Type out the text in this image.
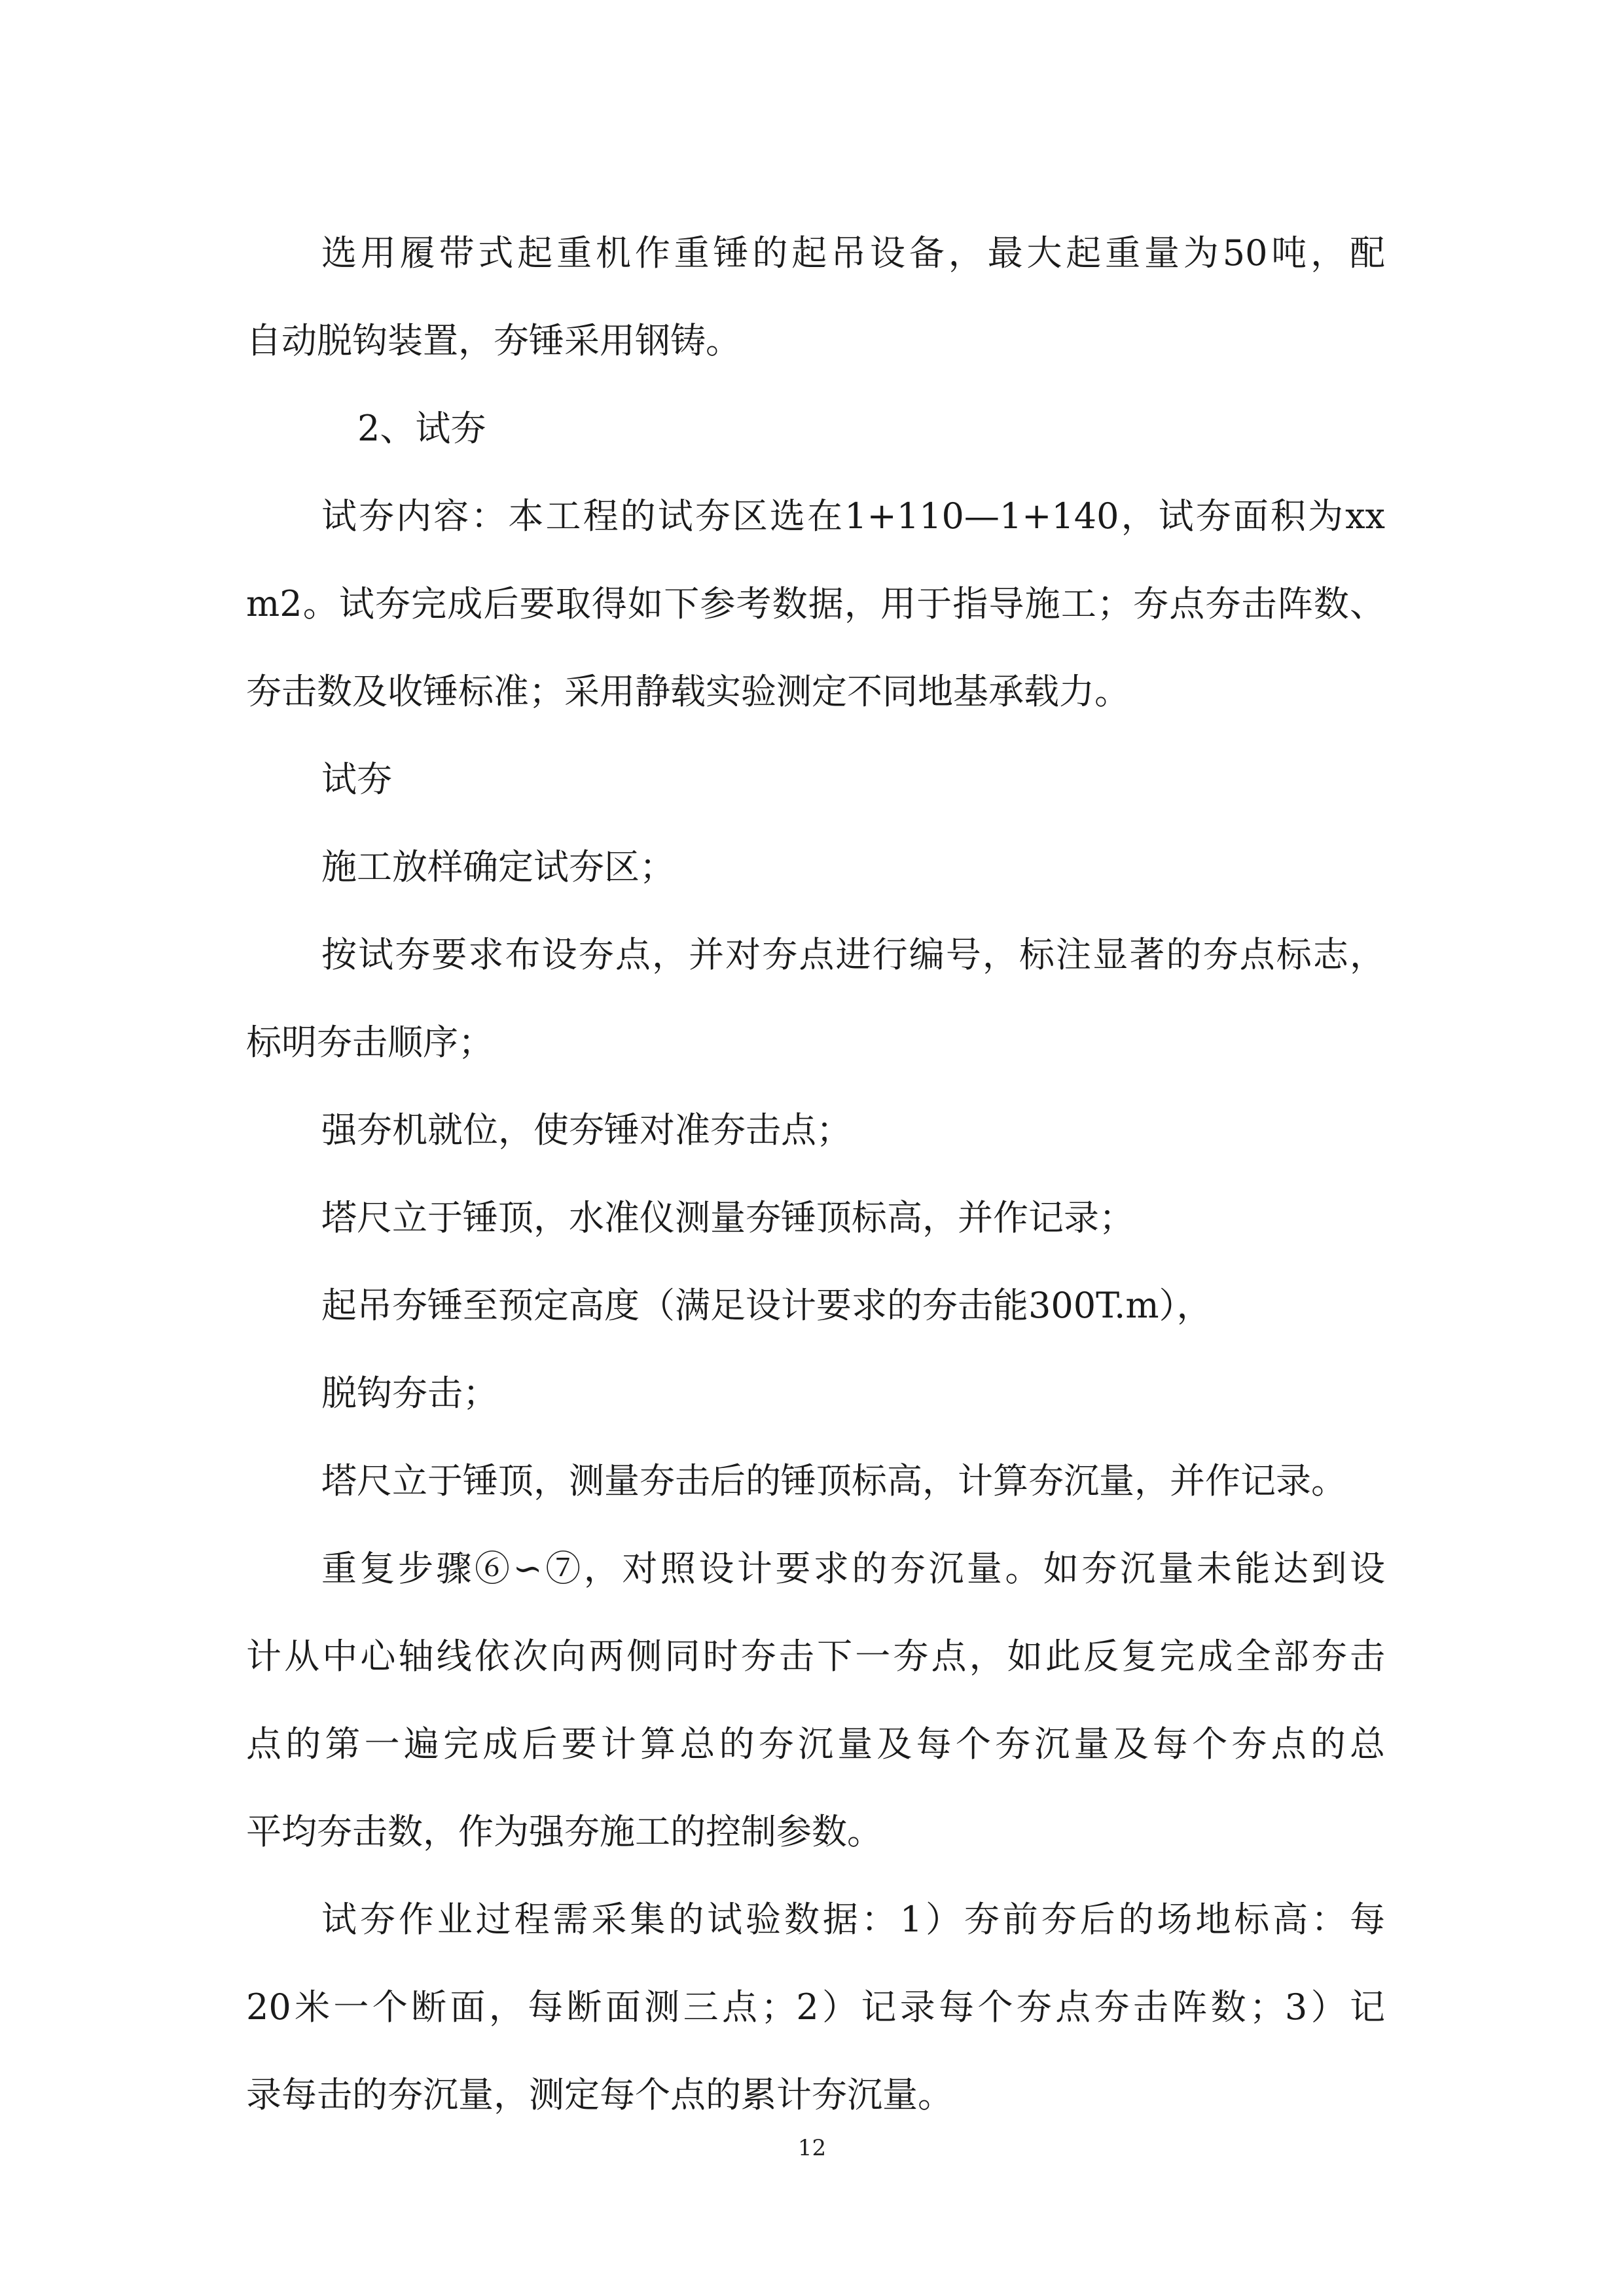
选用履带式起重机作重锤的起吊设备，最大起重量为50吨，配
自动脱钩装置，夯锤采用钢铸。
2、试夯
试夯内容：本工程的试夯区选在1+110—1+140，试夯面积为xx
m2。试夯完成后要取得如下参考数据，用于指导施工；夯点夯击阵数、
夯击数及收锤标准；采用静载实验测定不同地基承载力。
试夯
施工放样确定试夯区；
按试夯要求布设夯点，并对夯点进行编号，标注显著的夯点标志，
标明夯击顺序；
强夯机就位，使夯锤对准夯击点；
塔尺立于锤顶，水准仪测量夯锤顶标高，并作记录；
起吊夯锤至预定高度（满足设计要求的夯击能300T.m），
脱钩夯击；
塔尺立于锤顶，测量夯击后的锤顶标高，计算夯沉量，并作记录。
重复步骤⑥∽⑦，对照设计要求的夯沉量。如夯沉量未能达到设
计从中心轴线依次向两侧同时夯击下一夯点，如此反复完成全部夯击
点的第一遍完成后要计算总的夯沉量及每个夯沉量及每个夯点的总
平均夯击数，作为强夯施工的控制参数。
试夯作业过程需采集的试验数据：1）夯前夯后的场地标高：每
20米一个断面，每断面测三点；2）记录每个夯点夯击阵数；3）记
录每击的夯沉量，测定每个点的累计夯沉量。
12
